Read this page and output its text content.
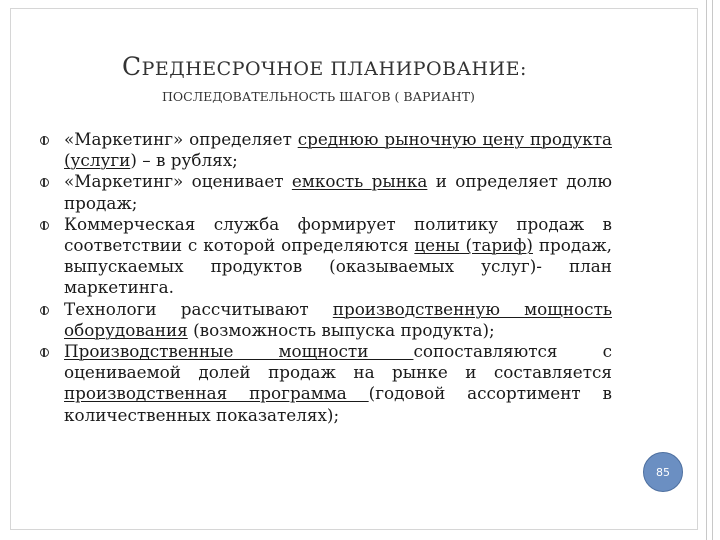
СРЕДНЕСРОЧНОЕ ПЛАНИРОВАНИЕ:
ПОСЛЕДОВАТЕЛЬНОСТЬ ШАГОВ ( ВАРИАНТ)
«Маркетинг» определяет среднюю рыночную цену продукта (услуги) – в рублях;
«Маркетинг» оценивает емкость рынка и определяет долю продаж;
Коммерческая служба формирует политику продаж в соответствии с которой определяются цены (тариф) продаж, выпускаемых продуктов (оказываемых услуг)- план маркетинга.
Технологи рассчитывают производственную мощность оборудования (возможность выпуска продукта);
Производственные мощности сопоставляются с оцениваемой долей продаж на рынке и составляется производственная программа (годовой ассортимент в количественных показателях);
85
